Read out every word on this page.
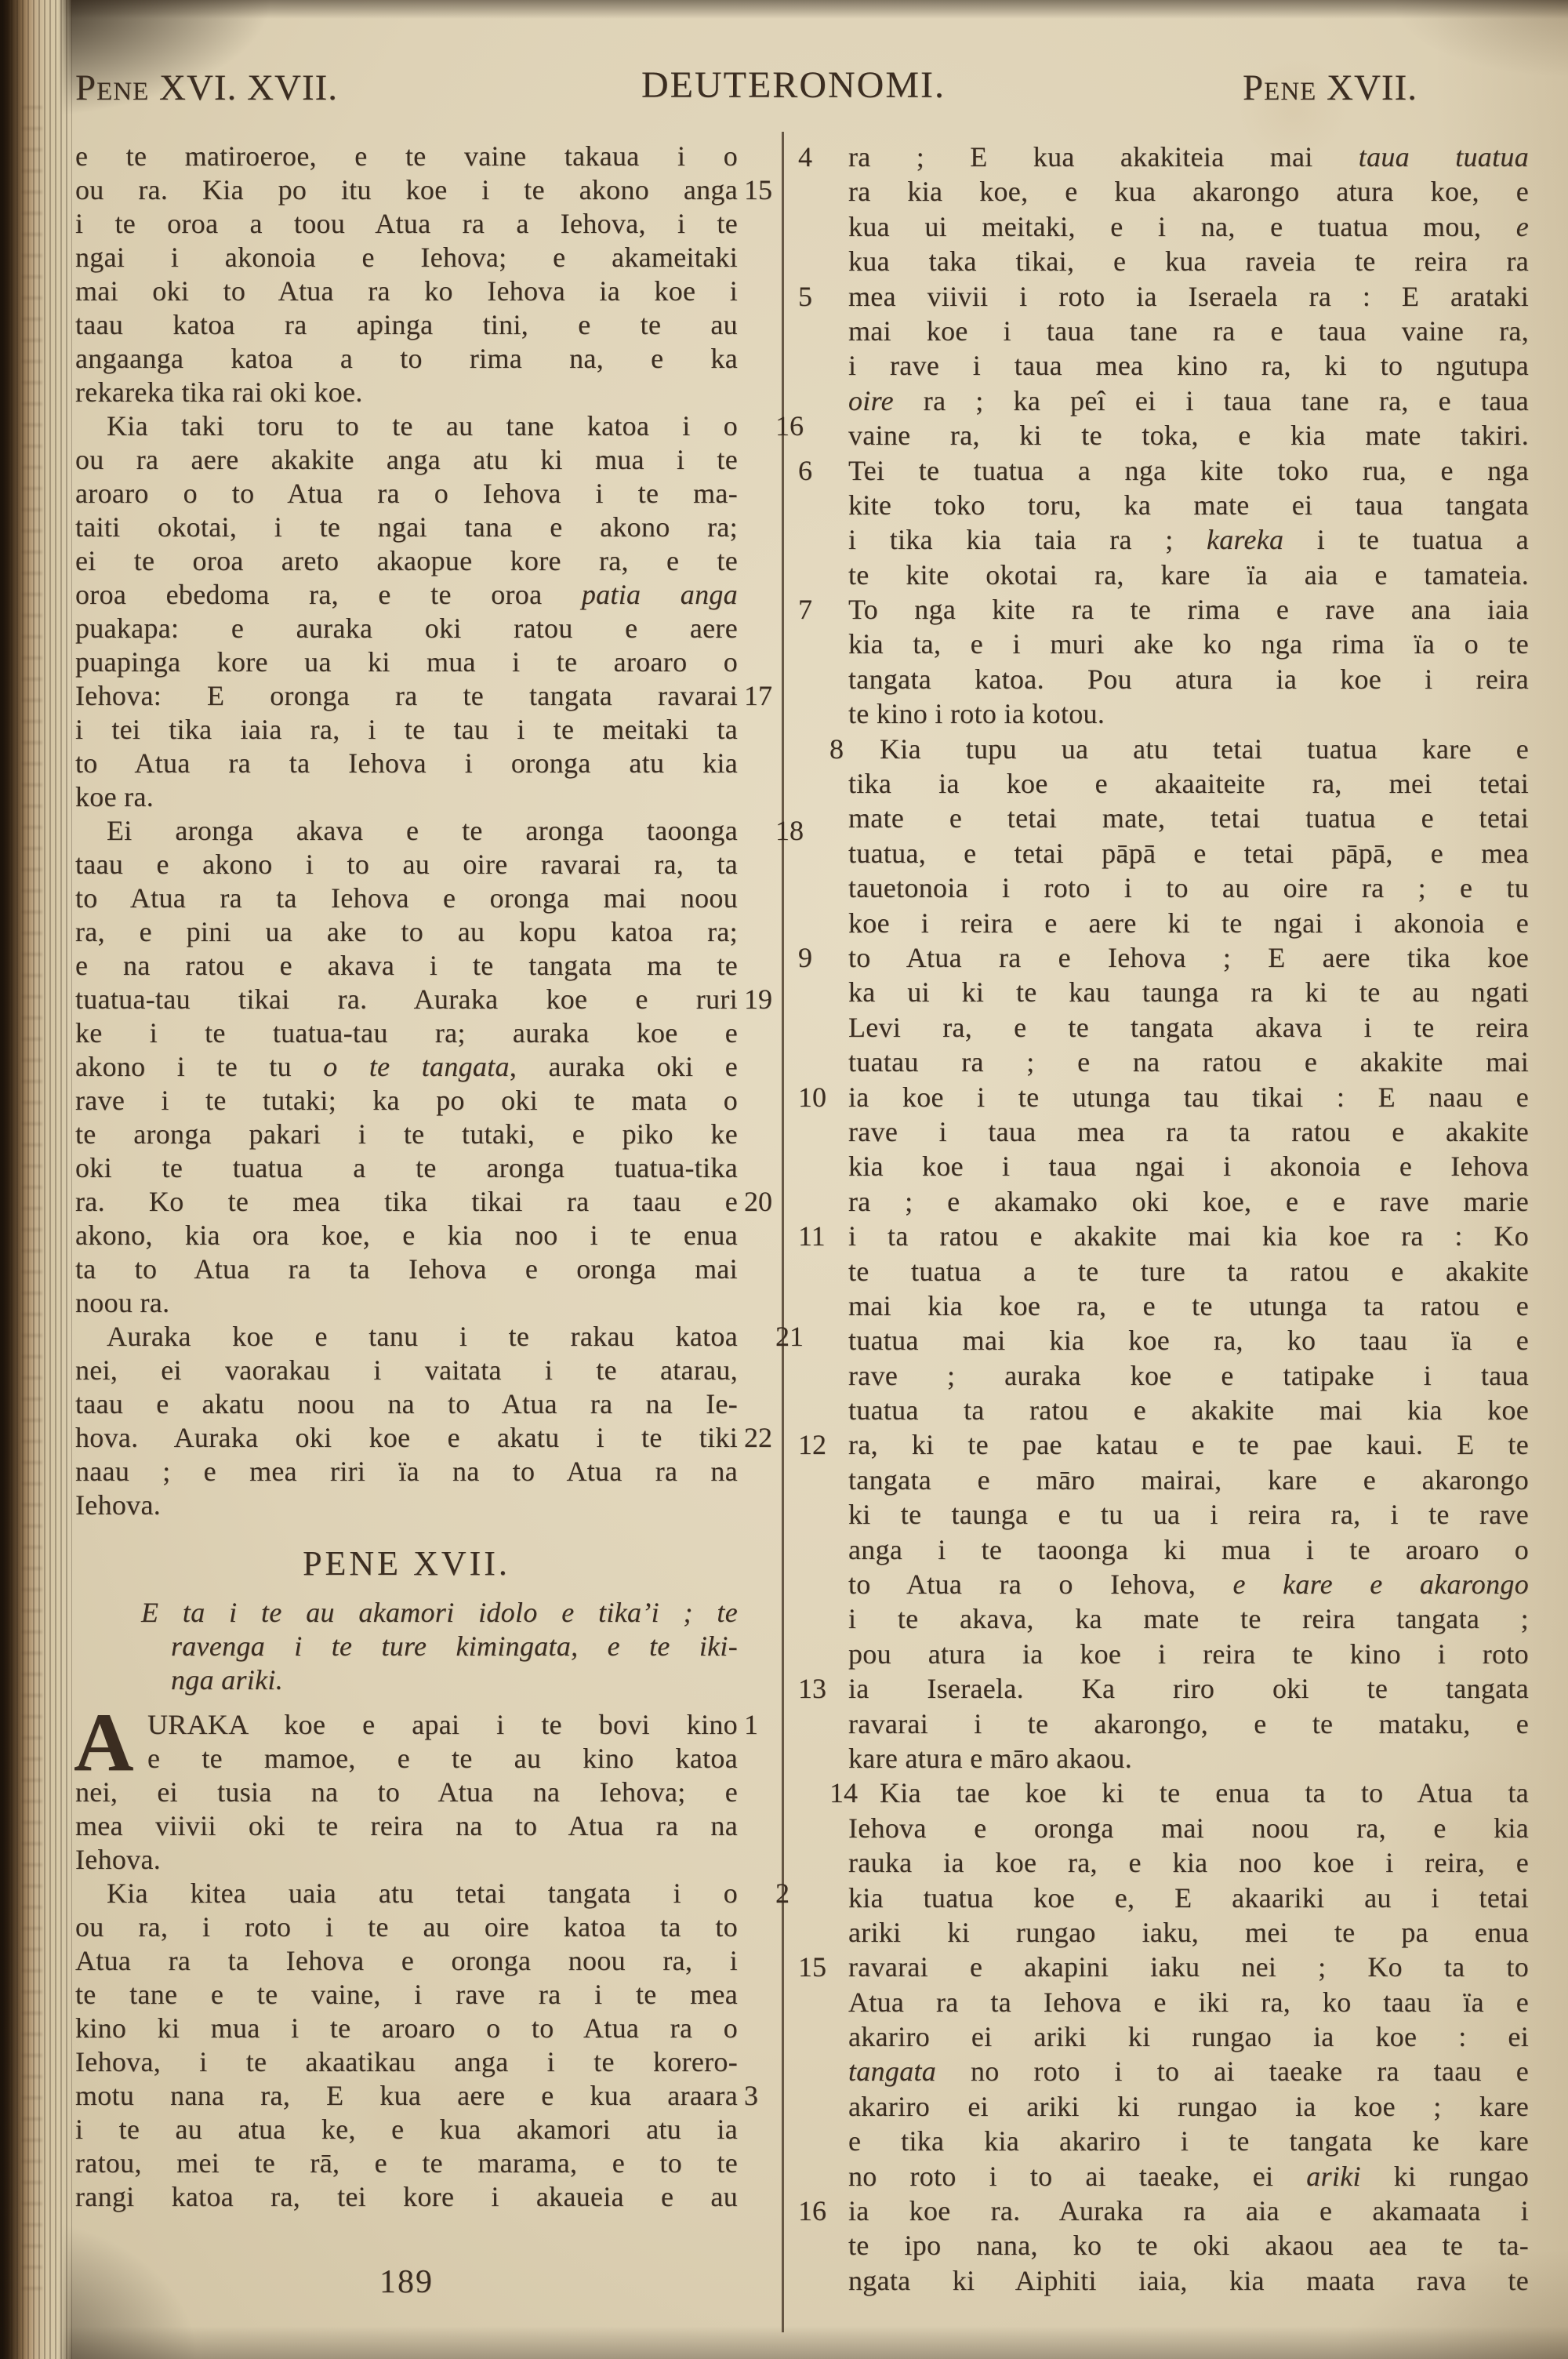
Pene XVI. XVII.	DEUTERONOMI.	Pene XVII.
e te matiroeroe, e te vaine takaua i o
ou ra. Kia po itu koe i te akono anga 15
i te oroa a toou Atua ra a Iehova, i te
ngai i akonoia e Iehova; e akameitaki
mai oki to Atua ra ko Iehova ia koe i
taau katoa ra apinga tini, e te au
angaanga katoa a to rima na, e ka
rekareka tika rai oki koe.
Kia taki toru to te au tane katoa i o	16
ou ra aere akakite anga atu ki mua i te
aroaro o to Atua ra o Iehova i te ma-
taiti okotai, i te ngai tana e akono ra;
ei te oroa areto akaopue kore ra, e te
oroa ebedoma ra, e te oroa patia anga
puakapa: e auraka oki ratou e aere
puapinga kore ua ki mua i te aroaro o
Iehova: E oronga ra te tangata ravarai 17
i tei tika iaia ra, i te tau i te meitaki ta
to Atua ra ta Iehova i oronga atu kia
koe ra.
Ei aronga akava e te aronga taoonga	18
taau e akono i to au oire ravarai ra, ta
to Atua ra ta Iehova e oronga mai noou
ra, e pini ua ake to au kopu katoa ra;
e na ratou e akava i te tangata ma te
tuatua-tau tikai ra. Auraka koe e ruri 19
ke i te tuatua-tau ra; auraka koe e
akono i te tu o te tangata, auraka oki e
rave i te tutaki; ka po oki te mata o
te aronga pakari i te tutaki, e piko ke
oki te tuatua a te aronga tuatua-tika
ra. Ko te mea tika tikai ra taau e 20
akono, kia ora koe, e kia noo i te enua
ta to Atua ra ta Iehova e oronga mai
noou ra.
Auraka koe e tanu i te rakau katoa	21
nei, ei vaorakau i vaitata i te atarau,
taau e akatu noou na to Atua ra na Ie-
hova. Auraka oki koe e akatu i te tiki 22
naau ; e mea riri ïa na to Atua ra na
Iehova.
PENE XVII.
E ta i te au akamori idolo e tika’i ; te
ravenga i te ture kimingata, e te iki-
nga ariki.
A URAKA koe e apai i te bovi kino 1
e te mamoe, e te au kino katoa
nei, ei tusia na to Atua na Iehova; e
mea viivii oki te reira na to Atua ra na
Iehova.
Kia kitea uaia atu tetai tangata i o	2
ou ra, i roto i te au oire katoa ta to
Atua ra ta Iehova e oronga noou ra, i
te tane e te vaine, i rave ra i te mea
kino ki mua i te aroaro o to Atua ra o
Iehova, i te akaatikau anga i te korero-
motu nana ra, E kua aere e kua araara 3
i te au atua ke, e kua akamori atu ia
ratou, mei te rā, e te marama, e to te
rangi katoa ra, tei kore i akaueia e au
ra ; E kua akakiteia mai taua tuatua
4
ra kia koe, e kua akarongo atura koe, e
kua ui meitaki, e i na, e tuatua mou, e
kua taka tikai, e kua raveia te reira ra
mea viivii i roto ia Iseraela ra : E arataki
5
mai koe i taua tane ra e taua vaine ra,
i rave i taua mea kino ra, ki to ngutupa
oire ra ; ka peî ei i taua tane ra, e taua
vaine ra, ki te toka, e kia mate takiri.
Tei te tuatua a nga kite toko rua, e nga
6
kite toko toru, ka mate ei taua tangata
i tika kia taia ra ; kareka i te tuatua a
te kite okotai ra, kare ïa aia e tamateia.
To nga kite ra te rima e rave ana iaia
7
kia ta, e i muri ake ko nga rima ïa o te
tangata katoa. Pou atura ia koe i reira
te kino i roto ia kotou.
Kia tupu ua atu tetai tuatua kare e
8
tika ia koe e akaaiteite ra, mei tetai
mate e tetai mate, tetai tuatua e tetai
tuatua, e tetai pāpā e tetai pāpā, e mea
tauetonoia i roto i to au oire ra ; e tu
koe i reira e aere ki te ngai i akonoia e
to Atua ra e Iehova ; E aere tika koe
9
ka ui ki te kau taunga ra ki te au ngati
Levi ra, e te tangata akava i te reira
tuatau ra ; e na ratou e akakite mai
ia koe i te utunga tau tikai : E naau e
10
rave i taua mea ra ta ratou e akakite
kia koe i taua ngai i akonoia e Iehova
ra ; e akamako oki koe, e e rave marie
i ta ratou e akakite mai kia koe ra : Ko
11
te tuatua a te ture ta ratou e akakite
mai kia koe ra, e te utunga ta ratou e
tuatua mai kia koe ra, ko taau ïa e
rave ; auraka koe e tatipake i taua
tuatua ta ratou e akakite mai kia koe
ra, ki te pae katau e te pae kaui. E te
12
tangata e māro mairai, kare e akarongo
ki te taunga e tu ua i reira ra, i te rave
anga i te taoonga ki mua i te aroaro o
to Atua ra o Iehova, e kare e akarongo
i te akava, ka mate te reira tangata ;
pou atura ia koe i reira te kino i roto
ia Iseraela. Ka riro oki te tangata
13
ravarai i te akarongo, e te mataku, e
kare atura e māro akaou.
Kia tae koe ki te enua ta to Atua ta
14
Iehova e oronga mai noou ra, e kia
rauka ia koe ra, e kia noo koe i reira, e
kia tuatua koe e, E akaariki au i tetai
ariki ki rungao iaku, mei te pa enua
ravarai e akapini iaku nei ; Ko ta to
15
Atua ra ta Iehova e iki ra, ko taau ïa e
akariro ei ariki ki rungao ia koe : ei
tangata no roto i to ai taeake ra taau e
akariro ei ariki ki rungao ia koe ; kare
e tika kia akariro i te tangata ke kare
no roto i to ai taeake, ei ariki ki rungao
ia koe ra. Auraka ra aia e akamaata i
16
te ipo nana, ko te oki akaou aea te ta-
ngata ki Aiphiti iaia, kia maata rava te
189
